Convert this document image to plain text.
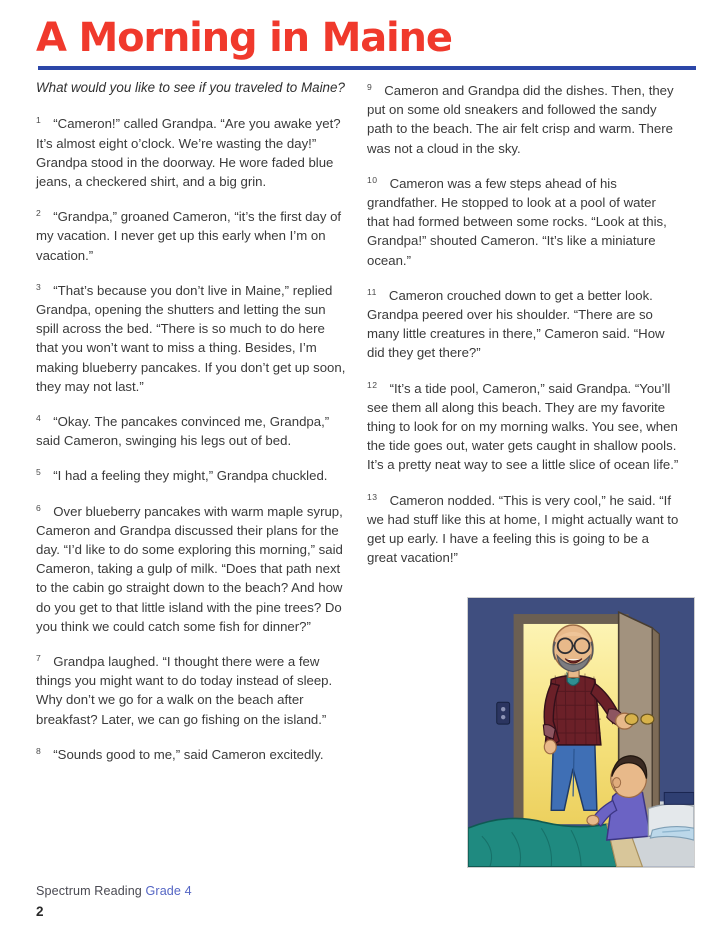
A Morning in Maine

What would you like to see if you traveled to Maine?

$^1$ “Cameron!” called Grandpa. “Are you awake yet? It’s almost eight o’clock. We’re wasting the day!” Grandpa stood in the doorway. He wore faded blue jeans, a checkered shirt, and a big grin.

$^2$ “Grandpa,” groaned Cameron, “it’s the first day of my vacation. I never get up this early when I’m on vacation.”

$^3$ “That’s because you don’t live in Maine,” replied Grandpa, opening the shutters and letting the sun spill across the bed. “There is so much to do here that you won’t want to miss a thing. Besides, I’m making blueberry pancakes. If you don’t get up soon, they may not last.”

$^4$ “Okay. The pancakes convinced me, Grandpa,” said Cameron, swinging his legs out of bed.

$^5$ “I had a feeling they might,” Grandpa chuckled.

$^6$ Over blueberry pancakes with warm maple syrup, Cameron and Grandpa discussed their plans for the day. “I’d like to do some exploring this morning,” said Cameron, taking a gulp of milk. “Does that path next to the cabin go straight down to the beach? And how do you get to that little island with the pine trees? Do you think we could catch some fish for dinner?”

$^7$ Grandpa laughed. “I thought there were a few things you might want to do today instead of sleep. Why don’t we go for a walk on the beach after breakfast? Later, we can go fishing on the island.”

$^8$ “Sounds good to me,” said Cameron excitedly.

$^9$ Cameron and Grandpa did the dishes. Then, they put on some old sneakers and followed the sandy path to the beach. The air felt crisp and warm. There was not a cloud in the sky.

$^{10}$ Cameron was a few steps ahead of his grandfather. He stopped to look at a pool of water that had formed between some rocks. “Look at this, Grandpa!” shouted Cameron. “It’s like a miniature ocean.”

$^{11}$ Cameron crouched down to get a better look. Grandpa peered over his shoulder. “There are so many little creatures in there,” Cameron said. “How did they get there?”

$^{12}$ “It’s a tide pool, Cameron,” said Grandpa. “You’ll see them all along this beach. They are my favorite thing to look for on my morning walks. You see, when the tide goes out, water gets caught in shallow pools. It’s a pretty neat way to see a little slice of ocean life.”

$^{13}$ Cameron nodded. “This is very cool,” he said. “If we had stuff like this at home, I might actually want to get up early. I have a feeling this is going to be a great vacation!”

Spectrum Reading Grade 4
2
